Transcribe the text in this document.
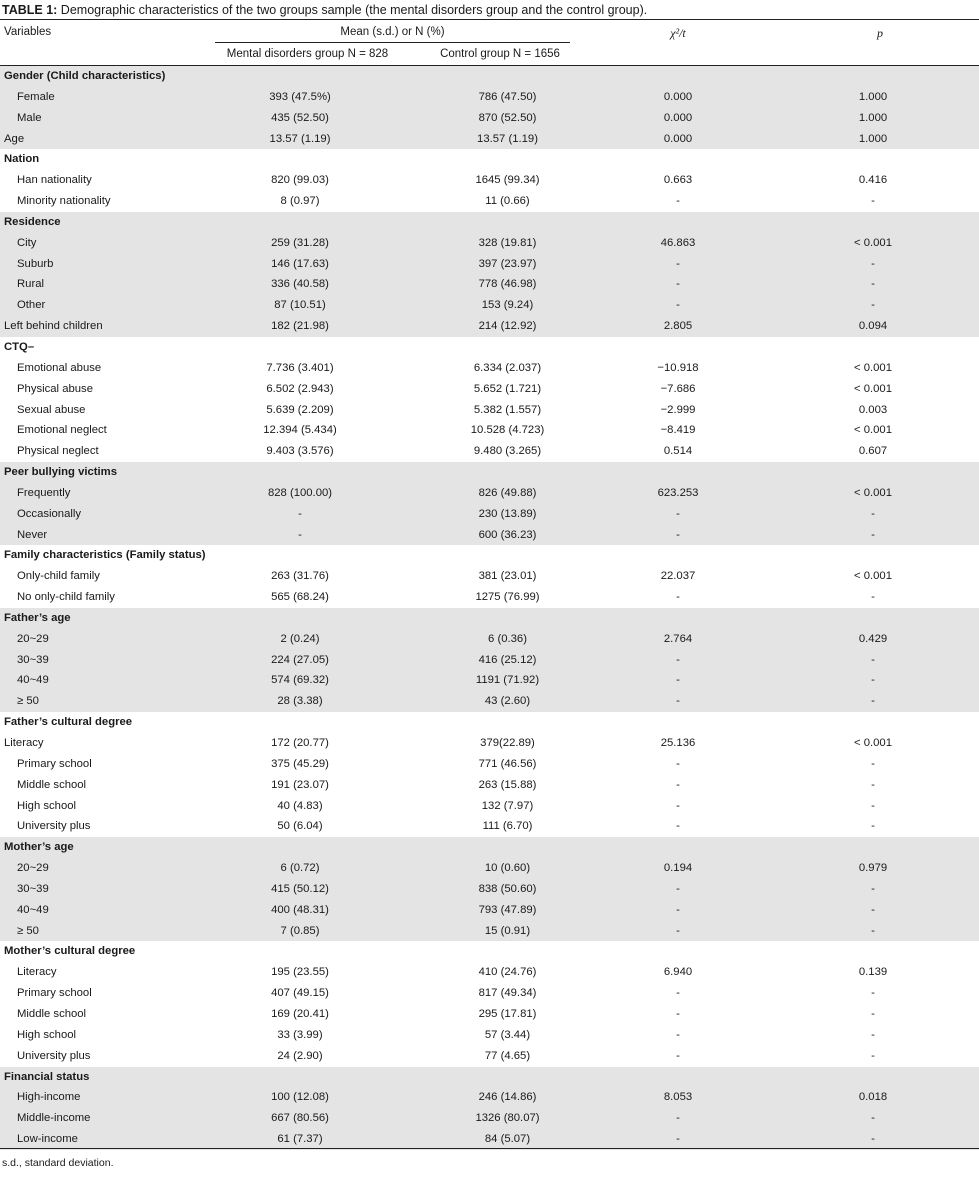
TABLE 1: Demographic characteristics of the two groups sample (the mental disorders group and the control group).
Variables	Mean (s.d.) or N (%)	χ²/t	p
Mental disorders group N = 828	Control group N = 1656
Gender (Child characteristics)
Female	393 (47.5%)	786 (47.50)	0.000	1.000
Male	435 (52.50)	870 (52.50)	0.000	1.000
Age	13.57 (1.19)	13.57 (1.19)	0.000	1.000
Nation
Han nationality	820 (99.03)	1645 (99.34)	0.663	0.416
Minority nationality	8 (0.97)	11 (0.66)	-	-
Residence
City	259 (31.28)	328 (19.81)	46.863	< 0.001
Suburb	146 (17.63)	397 (23.97)	-	-
Rural	336 (40.58)	778 (46.98)	-	-
Other	87 (10.51)	153 (9.24)	-	-
Left behind children	182 (21.98)	214 (12.92)	2.805	0.094
CTQ–
Emotional abuse	7.736 (3.401)	6.334 (2.037)	−10.918	< 0.001
Physical abuse	6.502 (2.943)	5.652 (1.721)	−7.686	< 0.001
Sexual abuse	5.639 (2.209)	5.382 (1.557)	−2.999	0.003
Emotional neglect	12.394 (5.434)	10.528 (4.723)	−8.419	< 0.001
Physical neglect	9.403 (3.576)	9.480 (3.265)	0.514	0.607
Peer bullying victims
Frequently	828 (100.00)	826 (49.88)	623.253	< 0.001
Occasionally	-	230 (13.89)	-	-
Never	-	600 (36.23)	-	-
Family characteristics (Family status)
Only-child family	263 (31.76)	381 (23.01)	22.037	< 0.001
No only-child family	565 (68.24)	1275 (76.99)	-	-
Father’s age
20~29	2 (0.24)	6 (0.36)	2.764	0.429
30~39	224 (27.05)	416 (25.12)	-	-
40~49	574 (69.32)	1191 (71.92)	-	-
≥ 50	28 (3.38)	43 (2.60)	-	-
Father’s cultural degree
Literacy	172 (20.77)	379(22.89)	25.136	< 0.001
Primary school	375 (45.29)	771 (46.56)	-	-
Middle school	191 (23.07)	263 (15.88)	-	-
High school	40 (4.83)	132 (7.97)	-	-
University plus	50 (6.04)	111 (6.70)	-	-
Mother’s age
20~29	6 (0.72)	10 (0.60)	0.194	0.979
30~39	415 (50.12)	838 (50.60)	-	-
40~49	400 (48.31)	793 (47.89)	-	-
≥ 50	7 (0.85)	15 (0.91)	-	-
Mother’s cultural degree
Literacy	195 (23.55)	410 (24.76)	6.940	0.139
Primary school	407 (49.15)	817 (49.34)	-	-
Middle school	169 (20.41)	295 (17.81)	-	-
High school	33 (3.99)	57 (3.44)	-	-
University plus	24 (2.90)	77 (4.65)	-	-
Financial status
High-income	100 (12.08)	246 (14.86)	8.053	0.018
Middle-income	667 (80.56)	1326 (80.07)	-	-
Low-income	61 (7.37)	84 (5.07)	-	-
s.d., standard deviation.
